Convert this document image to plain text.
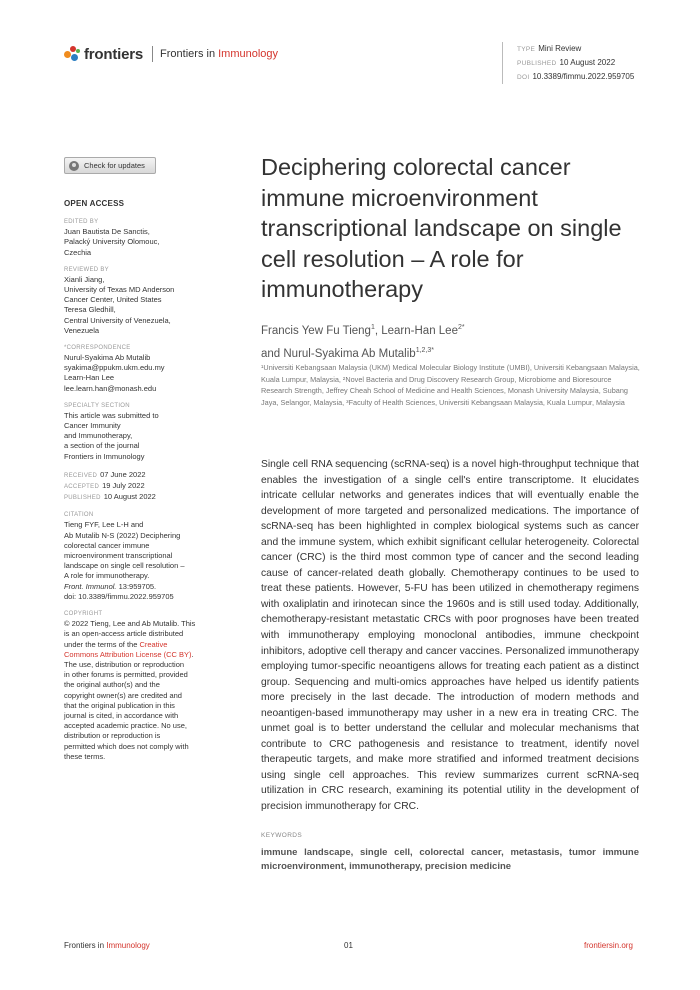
frontiers Frontiers in Immunology	TYPE Mini Review
PUBLISHED 10 August 2022
DOI 10.3389/fimmu.2022.959705
Check for updates
OPEN ACCESS
EDITED BY
Juan Bautista De Sanctis,
Palacký University Olomouc,
Czechia
REVIEWED BY
Xianli Jiang,
University of Texas MD Anderson
Cancer Center, United States
Teresa Gledhill,
Central University of Venezuela,
Venezuela
*CORRESPONDENCE
Nurul-Syakima Ab Mutalib
syakima@ppukm.ukm.edu.my
Learn-Han Lee
lee.learn.han@monash.edu
SPECIALTY SECTION
This article was submitted to
Cancer Immunity
and Immunotherapy,
a section of the journal
Frontiers in Immunology
RECEIVED 07 June 2022
ACCEPTED 19 July 2022
PUBLISHED 10 August 2022
CITATION
Tieng FYF, Lee L-H and
Ab Mutalib N-S (2022) Deciphering
colorectal cancer immune
microenvironment transcriptional
landscape on single cell resolution –
A role for immunotherapy.
Front. Immunol. 13:959705.
doi: 10.3389/fimmu.2022.959705
COPYRIGHT
© 2022 Tieng, Lee and Ab Mutalib. This
is an open-access article distributed
under the terms of the Creative
Commons Attribution License (CC BY).
The use, distribution or reproduction
in other forums is permitted, provided
the original author(s) and the
copyright owner(s) are credited and
that the original publication in this
journal is cited, in accordance with
accepted academic practice. No use,
distribution or reproduction is
permitted which does not comply with
these terms.
Deciphering colorectal cancer immune microenvironment transcriptional landscape on single cell resolution – A role for immunotherapy
Francis Yew Fu Tieng$^1$, Learn-Han Lee$^{2*}$
and Nurul-Syakima Ab Mutalib$^{1,2,3*}$
¹Universiti Kebangsaan Malaysia (UKM) Medical Molecular Biology Institute (UMBI), Universiti Kebangsaan Malaysia, Kuala Lumpur, Malaysia, ²Novel Bacteria and Drug Discovery Research Group, Microbiome and Bioresource Research Strength, Jeffrey Cheah School of Medicine and Health Sciences, Monash University Malaysia, Subang Jaya, Selangor, Malaysia, ³Faculty of Health Sciences, Universiti Kebangsaan Malaysia, Kuala Lumpur, Malaysia

Single cell RNA sequencing (scRNA-seq) is a novel high-throughput technique that enables the investigation of a single cell's entire transcriptome. It elucidates intricate cellular networks and generates indices that will eventually enable the development of more targeted and personalized medications. The importance of scRNA-seq has been highlighted in complex biological systems such as cancer and the immune system, which exhibit significant cellular heterogeneity. Colorectal cancer (CRC) is the third most common type of cancer and the second leading cause of cancer-related death globally. Chemotherapy continues to be used to treat these patients. However, 5-FU has been utilized in chemotherapy regimens with oxaliplatin and irinotecan since the 1960s and is still used today. Additionally, chemotherapy-resistant metastatic CRCs with poor prognoses have been treated with immunotherapy employing monoclonal antibodies, immune checkpoint inhibitors, adoptive cell therapy and cancer vaccines. Personalized immunotherapy employing tumor-specific neoantigens allows for treating each patient as a distinct group. Sequencing and multi-omics approaches have helped us identify patients more precisely in the last decade. The introduction of modern methods and neoantigen-based immunotherapy may usher in a new era in treating CRC. The unmet goal is to better understand the cellular and molecular mechanisms that contribute to CRC pathogenesis and resistance to treatment, identify novel therapeutic targets, and make more stratified and informed treatment decisions using single cell approaches. This review summarizes current scRNA-seq utilization in CRC research, examining its potential utility in the development of precision immunotherapy for CRC.

KEYWORDS
immune landscape, single cell, colorectal cancer, metastasis, tumor immune microenvironment, immunotherapy, precision medicine
Frontiers in Immunology	01	frontiersin.org
